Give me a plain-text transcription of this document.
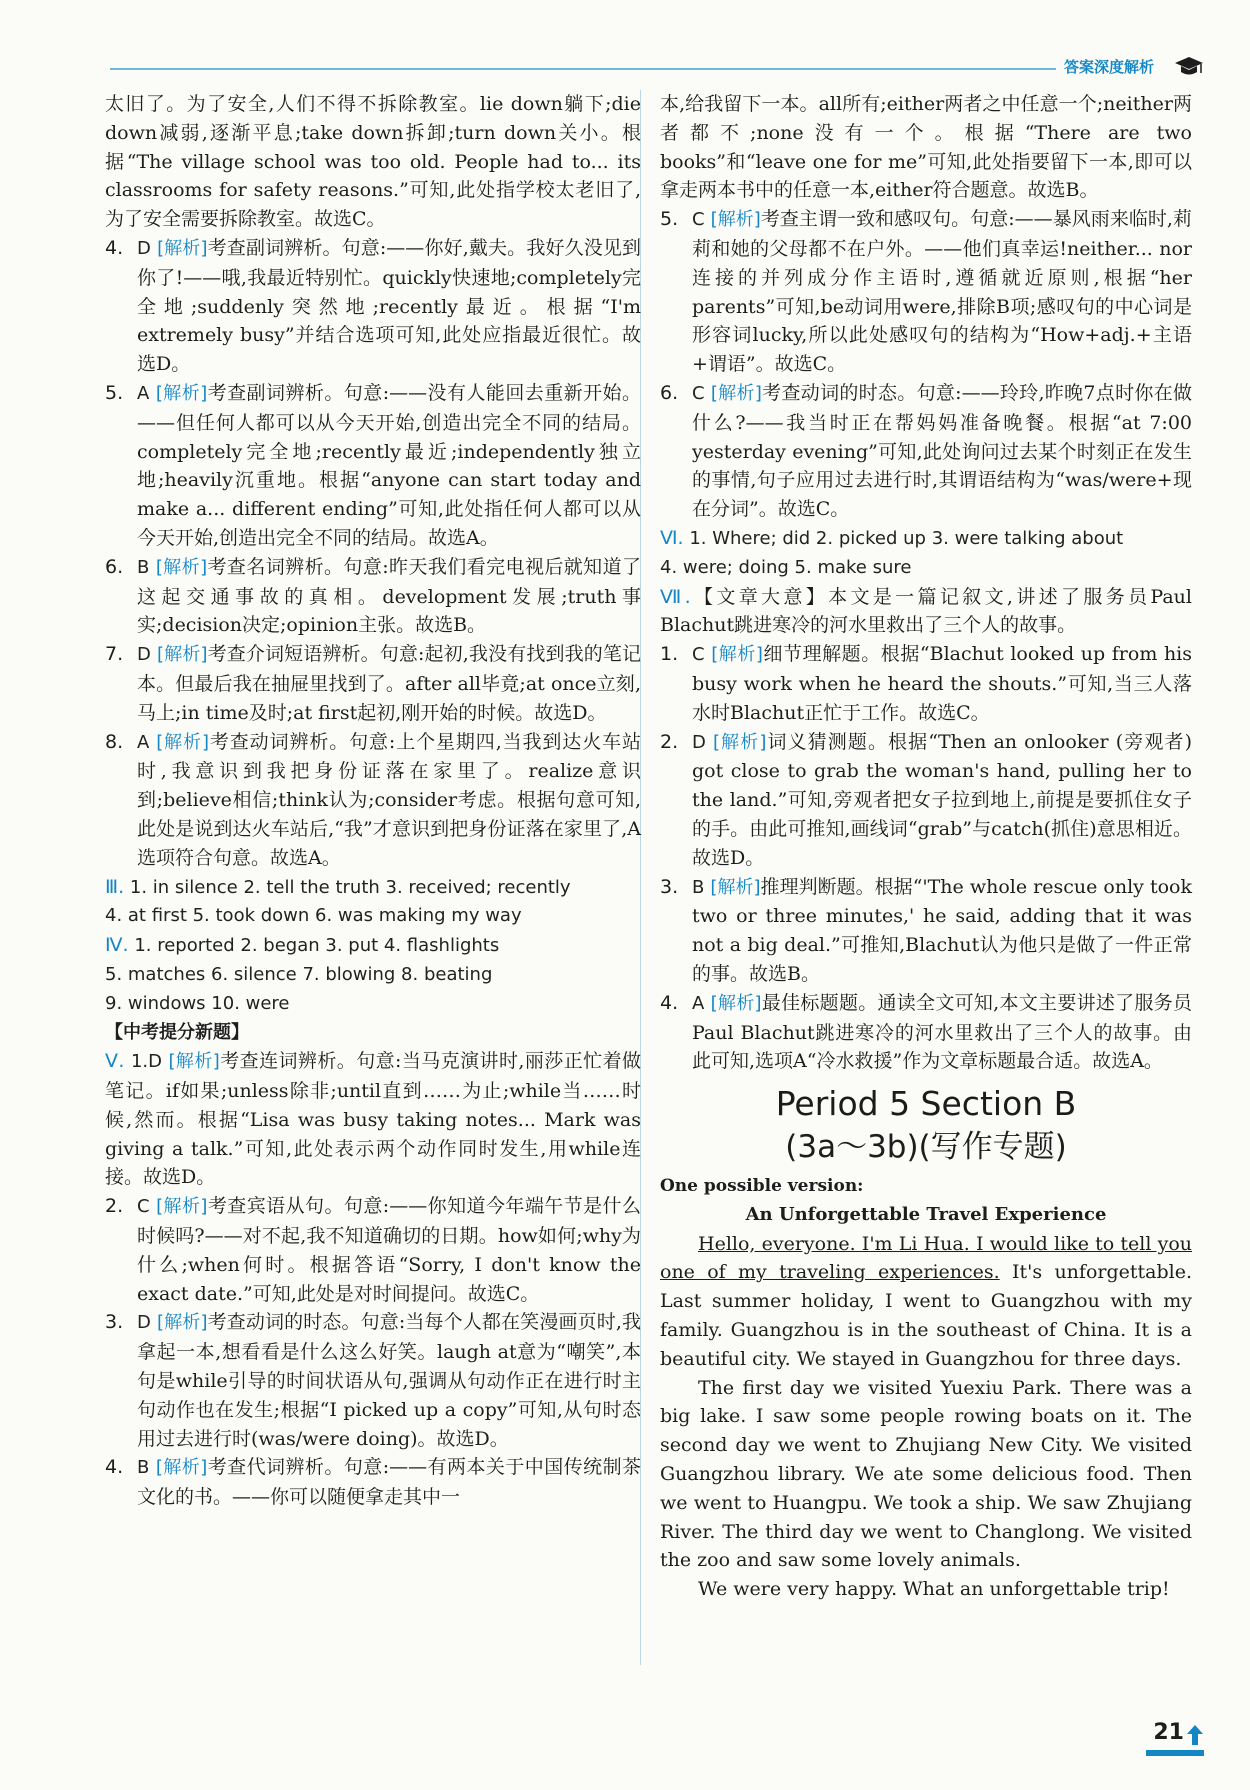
答案深度解析

太旧了。为了安全,人们不得不拆除教室。lie down躺下;die down减弱,逐渐平息;take down拆卸;turn down关小。根据“The village school was too old. People had to... its classrooms for safety reasons.”可知,此处指学校太老旧了,为了安全需要拆除教室。故选C。

4. D [解析]考查副词辨析。句意:——你好,戴夫。我好久没见到你了!——哦,我最近特别忙。quickly快速地;completely完全地;suddenly突然地;recently最近。根据“I'm extremely busy”并结合选项可知,此处应指最近很忙。故选D。

5. A [解析]考查副词辨析。句意:——没有人能回去重新开始。——但任何人都可以从今天开始,创造出完全不同的结局。completely完全地;recently最近;independently独立地;heavily沉重地。根据“anyone can start today and make a... different ending”可知,此处指任何人都可以从今天开始,创造出完全不同的结局。故选A。

6. B [解析]考查名词辨析。句意:昨天我们看完电视后就知道了这起交通事故的真相。development发展;truth事实;decision决定;opinion主张。故选B。

7. D [解析]考查介词短语辨析。句意:起初,我没有找到我的笔记本。但最后我在抽屉里找到了。after all毕竟;at once立刻,马上;in time及时;at first起初,刚开始的时候。故选D。

8. A [解析]考查动词辨析。句意:上个星期四,当我到达火车站时,我意识到我把身份证落在家里了。realize意识到;believe相信;think认为;consider考虑。根据句意可知,此处是说到达火车站后,“我”才意识到把身份证落在家里了,A选项符合句意。故选A。

Ⅲ. 1. in silence 2. tell the truth 3. received; recently

4. at first 5. took down 6. was making my way

Ⅳ. 1. reported 2. began 3. put 4. flashlights

5. matches 6. silence 7. blowing 8. beating

9. windows 10. were

【中考提分新题】

Ⅴ. 1.D [解析]考查连词辨析。句意:当马克演讲时,丽莎正忙着做笔记。if如果;unless除非;until直到……为止;while当……时候,然而。根据“Lisa was busy taking notes... Mark was giving a talk.”可知,此处表示两个动作同时发生,用while连接。故选D。

2. C [解析]考查宾语从句。句意:——你知道今年端午节是什么时候吗?——对不起,我不知道确切的日期。how如何;why为什么;when何时。根据答语“Sorry, I don't know the exact date.”可知,此处是对时间提问。故选C。

3. D [解析]考查动词的时态。句意:当每个人都在笑漫画页时,我拿起一本,想看看是什么这么好笑。laugh at意为“嘲笑”,本句是while引导的时间状语从句,强调从句动作正在进行时主句动作也在发生;根据“I picked up a copy”可知,从句时态用过去进行时(was/were doing)。故选D。

4. B [解析]考查代词辨析。句意:——有两本关于中国传统制茶文化的书。——你可以随便拿走其中一

本,给我留下一本。all所有;either两者之中任意一个;neither两者都不;none没有一个。根据“There are two books”和“leave one for me”可知,此处指要留下一本,即可以拿走两本书中的任意一本,either符合题意。故选B。

5. C [解析]考查主谓一致和感叹句。句意:——暴风雨来临时,莉莉和她的父母都不在户外。——他们真幸运!neither... nor连接的并列成分作主语时,遵循就近原则,根据“her parents”可知,be动词用were,排除B项;感叹句的中心词是形容词lucky,所以此处感叹句的结构为“How+adj.+主语+谓语”。故选C。

6. C [解析]考查动词的时态。句意:——玲玲,昨晚7点时你在做什么?——我当时正在帮妈妈准备晚餐。根据“at 7:00 yesterday evening”可知,此处询问过去某个时刻正在发生的事情,句子应用过去进行时,其谓语结构为“was/were+现在分词”。故选C。

Ⅵ. 1. Where; did 2. picked up 3. were talking about

4. were; doing 5. make sure

Ⅶ.【文章大意】本文是一篇记叙文,讲述了服务员Paul Blachut跳进寒冷的河水里救出了三个人的故事。

1. C [解析]细节理解题。根据“Blachut looked up from his busy work when he heard the shouts.”可知,当三人落水时Blachut正忙于工作。故选C。

2. D [解析]词义猜测题。根据“Then an onlooker (旁观者) got close to grab the woman's hand, pulling her to the land.”可知,旁观者把女子拉到地上,前提是要抓住女子的手。由此可推知,画线词“grab”与catch(抓住)意思相近。故选D。

3. B [解析]推理判断题。根据“'The whole rescue only took two or three minutes,' he said, adding that it was not a big deal.”可推知,Blachut认为他只是做了一件正常的事。故选B。

4. A [解析]最佳标题题。通读全文可知,本文主要讲述了服务员Paul Blachut跳进寒冷的河水里救出了三个人的故事。由此可知,选项A“冷水救援”作为文章标题最合适。故选A。

Period 5 Section B
(3a～3b)(写作专题)
One possible version:
An Unforgettable Travel Experience

Hello, everyone. I'm Li Hua. I would like to tell you one of my traveling experiences. It's unforgettable. Last summer holiday, I went to Guangzhou with my family. Guangzhou is in the southeast of China. It is a beautiful city. We stayed in Guangzhou for three days.

The first day we visited Yuexiu Park. There was a big lake. I saw some people rowing boats on it. The second day we went to Zhujiang New City. We visited Guangzhou library. We ate some delicious food. Then we went to Huangpu. We took a ship. We saw Zhujiang River. The third day we went to Changlong. We visited the zoo and saw some lovely animals.

We were very happy. What an unforgettable trip!

21
